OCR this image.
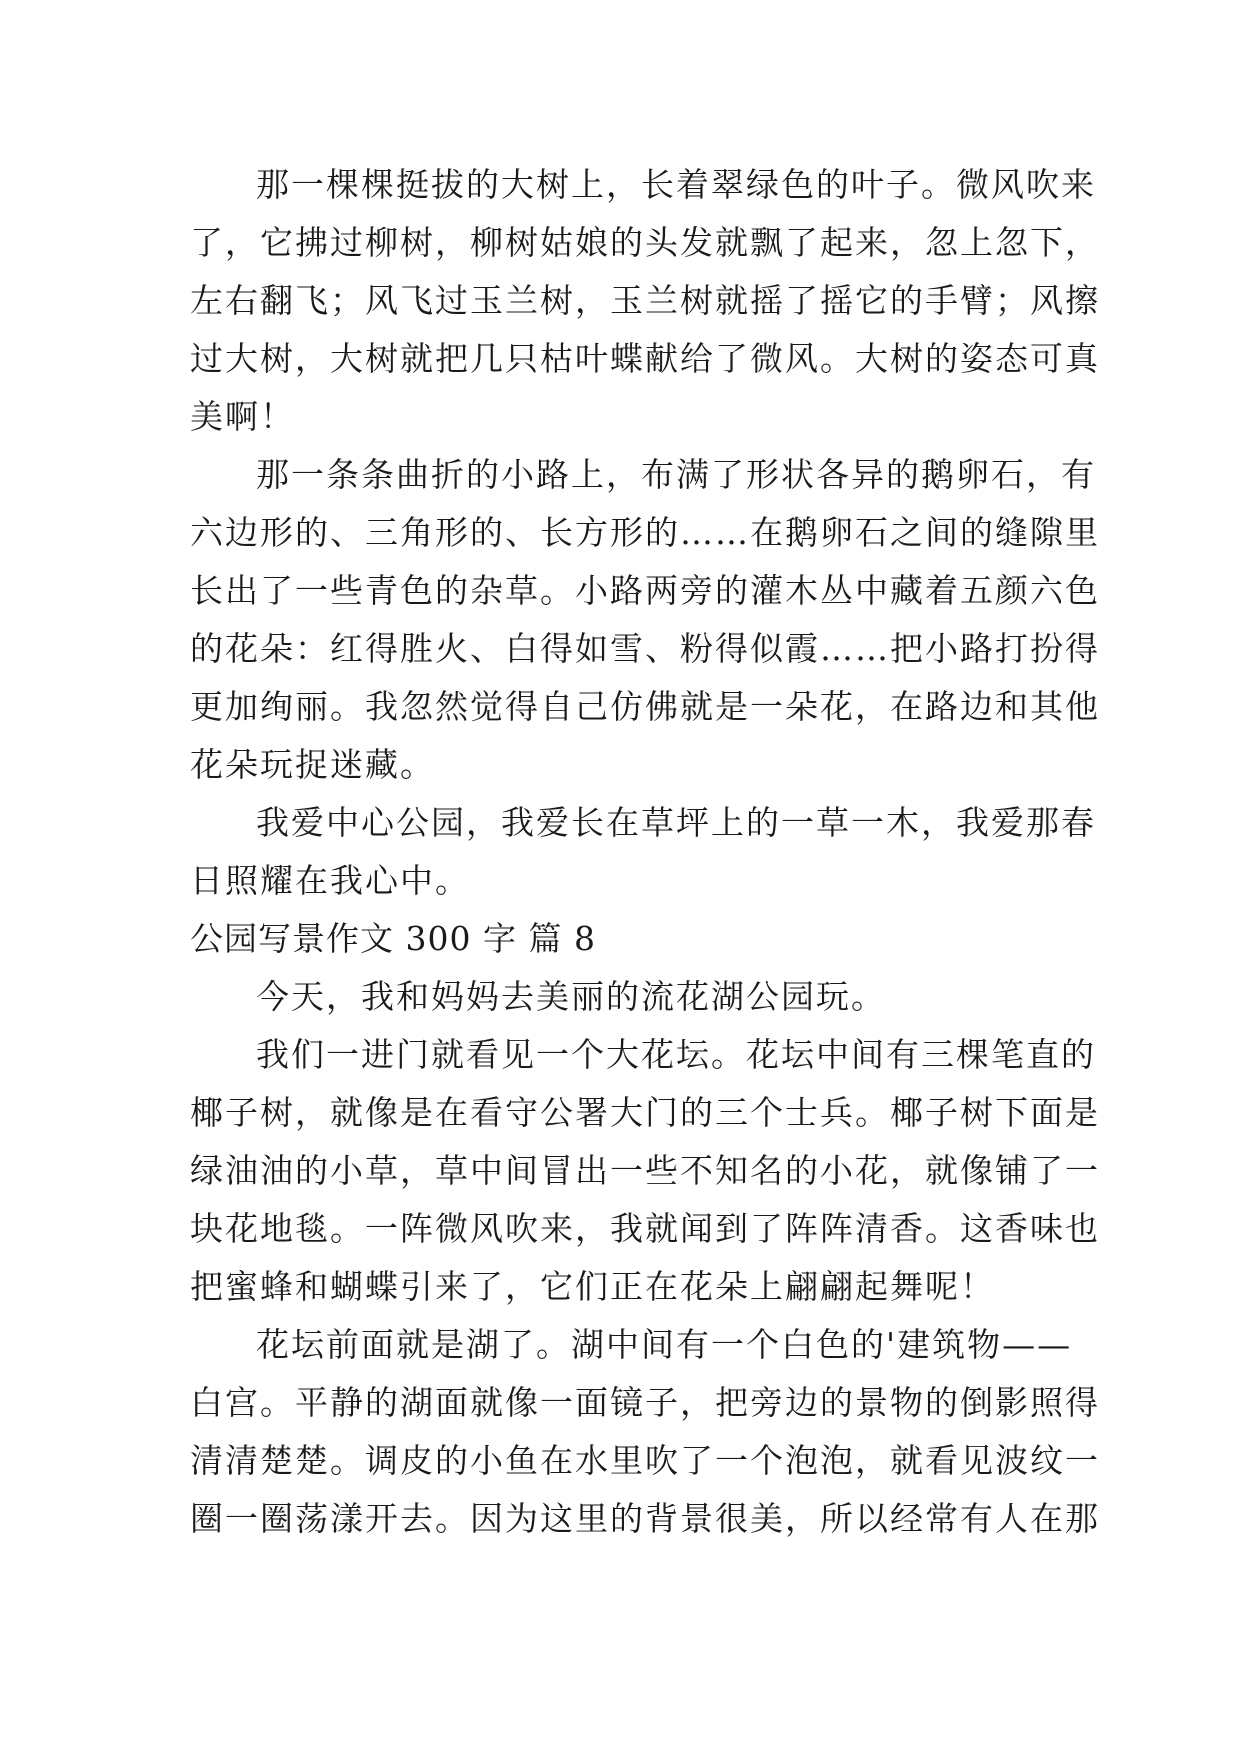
那一棵棵挺拔的大树上，长着翠绿色的叶子。微风吹来
了，它拂过柳树，柳树姑娘的头发就飘了起来，忽上忽下，
左右翻飞；风飞过玉兰树，玉兰树就摇了摇它的手臂；风擦
过大树，大树就把几只枯叶蝶献给了微风。大树的姿态可真
美啊！
那一条条曲折的小路上，布满了形状各异的鹅卵石，有
六边形的、三角形的、长方形的……在鹅卵石之间的缝隙里
长出了一些青色的杂草。小路两旁的灌木丛中藏着五颜六色
的花朵：红得胜火、白得如雪、粉得似霞……把小路打扮得
更加绚丽。我忽然觉得自己仿佛就是一朵花，在路边和其他
花朵玩捉迷藏。
我爱中心公园，我爱长在草坪上的一草一木，我爱那春
日照耀在我心中。
公园写景作文 300 字 篇 8
今天，我和妈妈去美丽的流花湖公园玩。
我们一进门就看见一个大花坛。花坛中间有三棵笔直的
椰子树，就像是在看守公署大门的三个士兵。椰子树下面是
绿油油的小草，草中间冒出一些不知名的小花，就像铺了一
块花地毯。一阵微风吹来，我就闻到了阵阵清香。这香味也
把蜜蜂和蝴蝶引来了，它们正在花朵上翩翩起舞呢！
花坛前面就是湖了。湖中间有一个白色的'建筑物——
白宫。平静的湖面就像一面镜子，把旁边的景物的倒影照得
清清楚楚。调皮的小鱼在水里吹了一个泡泡，就看见波纹一
圈一圈荡漾开去。因为这里的背景很美，所以经常有人在那
